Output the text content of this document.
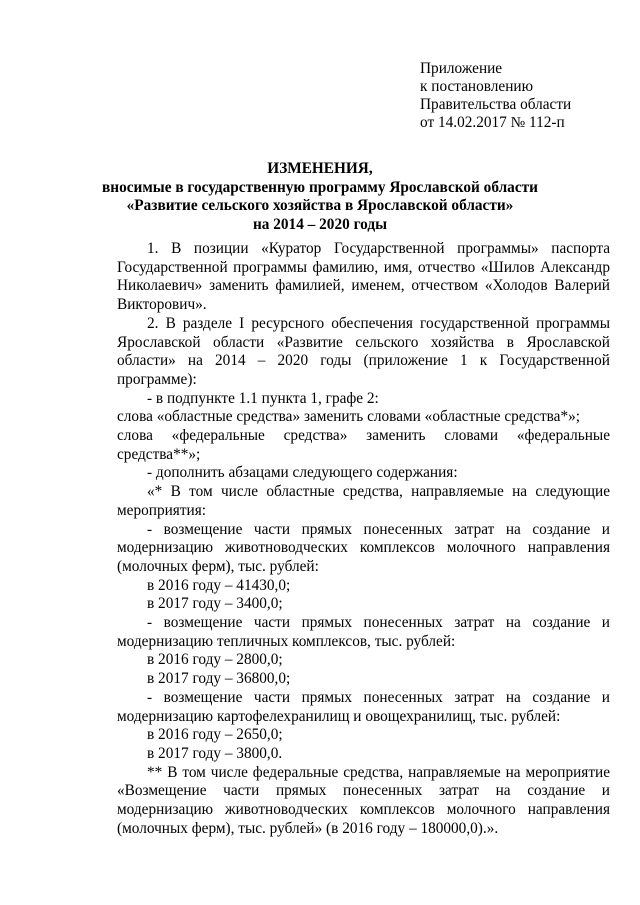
Приложение
к постановлению
Правительства области
от 14.02.2017 № 112-п
ИЗМЕНЕНИЯ,
вносимые в государственную программу Ярославской области
«Развитие сельского хозяйства в Ярославской области»
на 2014 – 2020 годы

1. В позиции «Куратор Государственной программы» паспорта Государственной программы фамилию, имя, отчество «Шилов Александр Николаевич» заменить фамилией, именем, отчеством «Холодов Валерий Викторович».

2. В разделе I ресурсного обеспечения государственной программы Ярославской области «Развитие сельского хозяйства в Ярославской области» на 2014 – 2020 годы (приложение 1 к Государственной программе):

- в подпункте 1.1 пункта 1, графе 2:

слова «областные средства» заменить словами «областные средства*»;

слова «федеральные средства» заменить словами «федеральные средства**»;

- дополнить абзацами следующего содержания:

«* В том числе областные средства, направляемые на следующие мероприятия:

- возмещение части прямых понесенных затрат на создание и модернизацию животноводческих комплексов молочного направления (молочных ферм), тыс. рублей:

в 2016 году – 41430,0;

в 2017 году – 3400,0;

- возмещение части прямых понесенных затрат на создание и модернизацию тепличных комплексов, тыс. рублей:

в 2016 году – 2800,0;

в 2017 году – 36800,0;

- возмещение части прямых понесенных затрат на создание и модернизацию картофелехранилищ и овощехранилищ, тыс. рублей:

в 2016 году – 2650,0;

в 2017 году – 3800,0.

** В том числе федеральные средства, направляемые на мероприятие «Возмещение части прямых понесенных затрат на создание и модернизацию животноводческих комплексов молочного направления (молочных ферм), тыс. рублей» (в 2016 году – 180000,0).».
